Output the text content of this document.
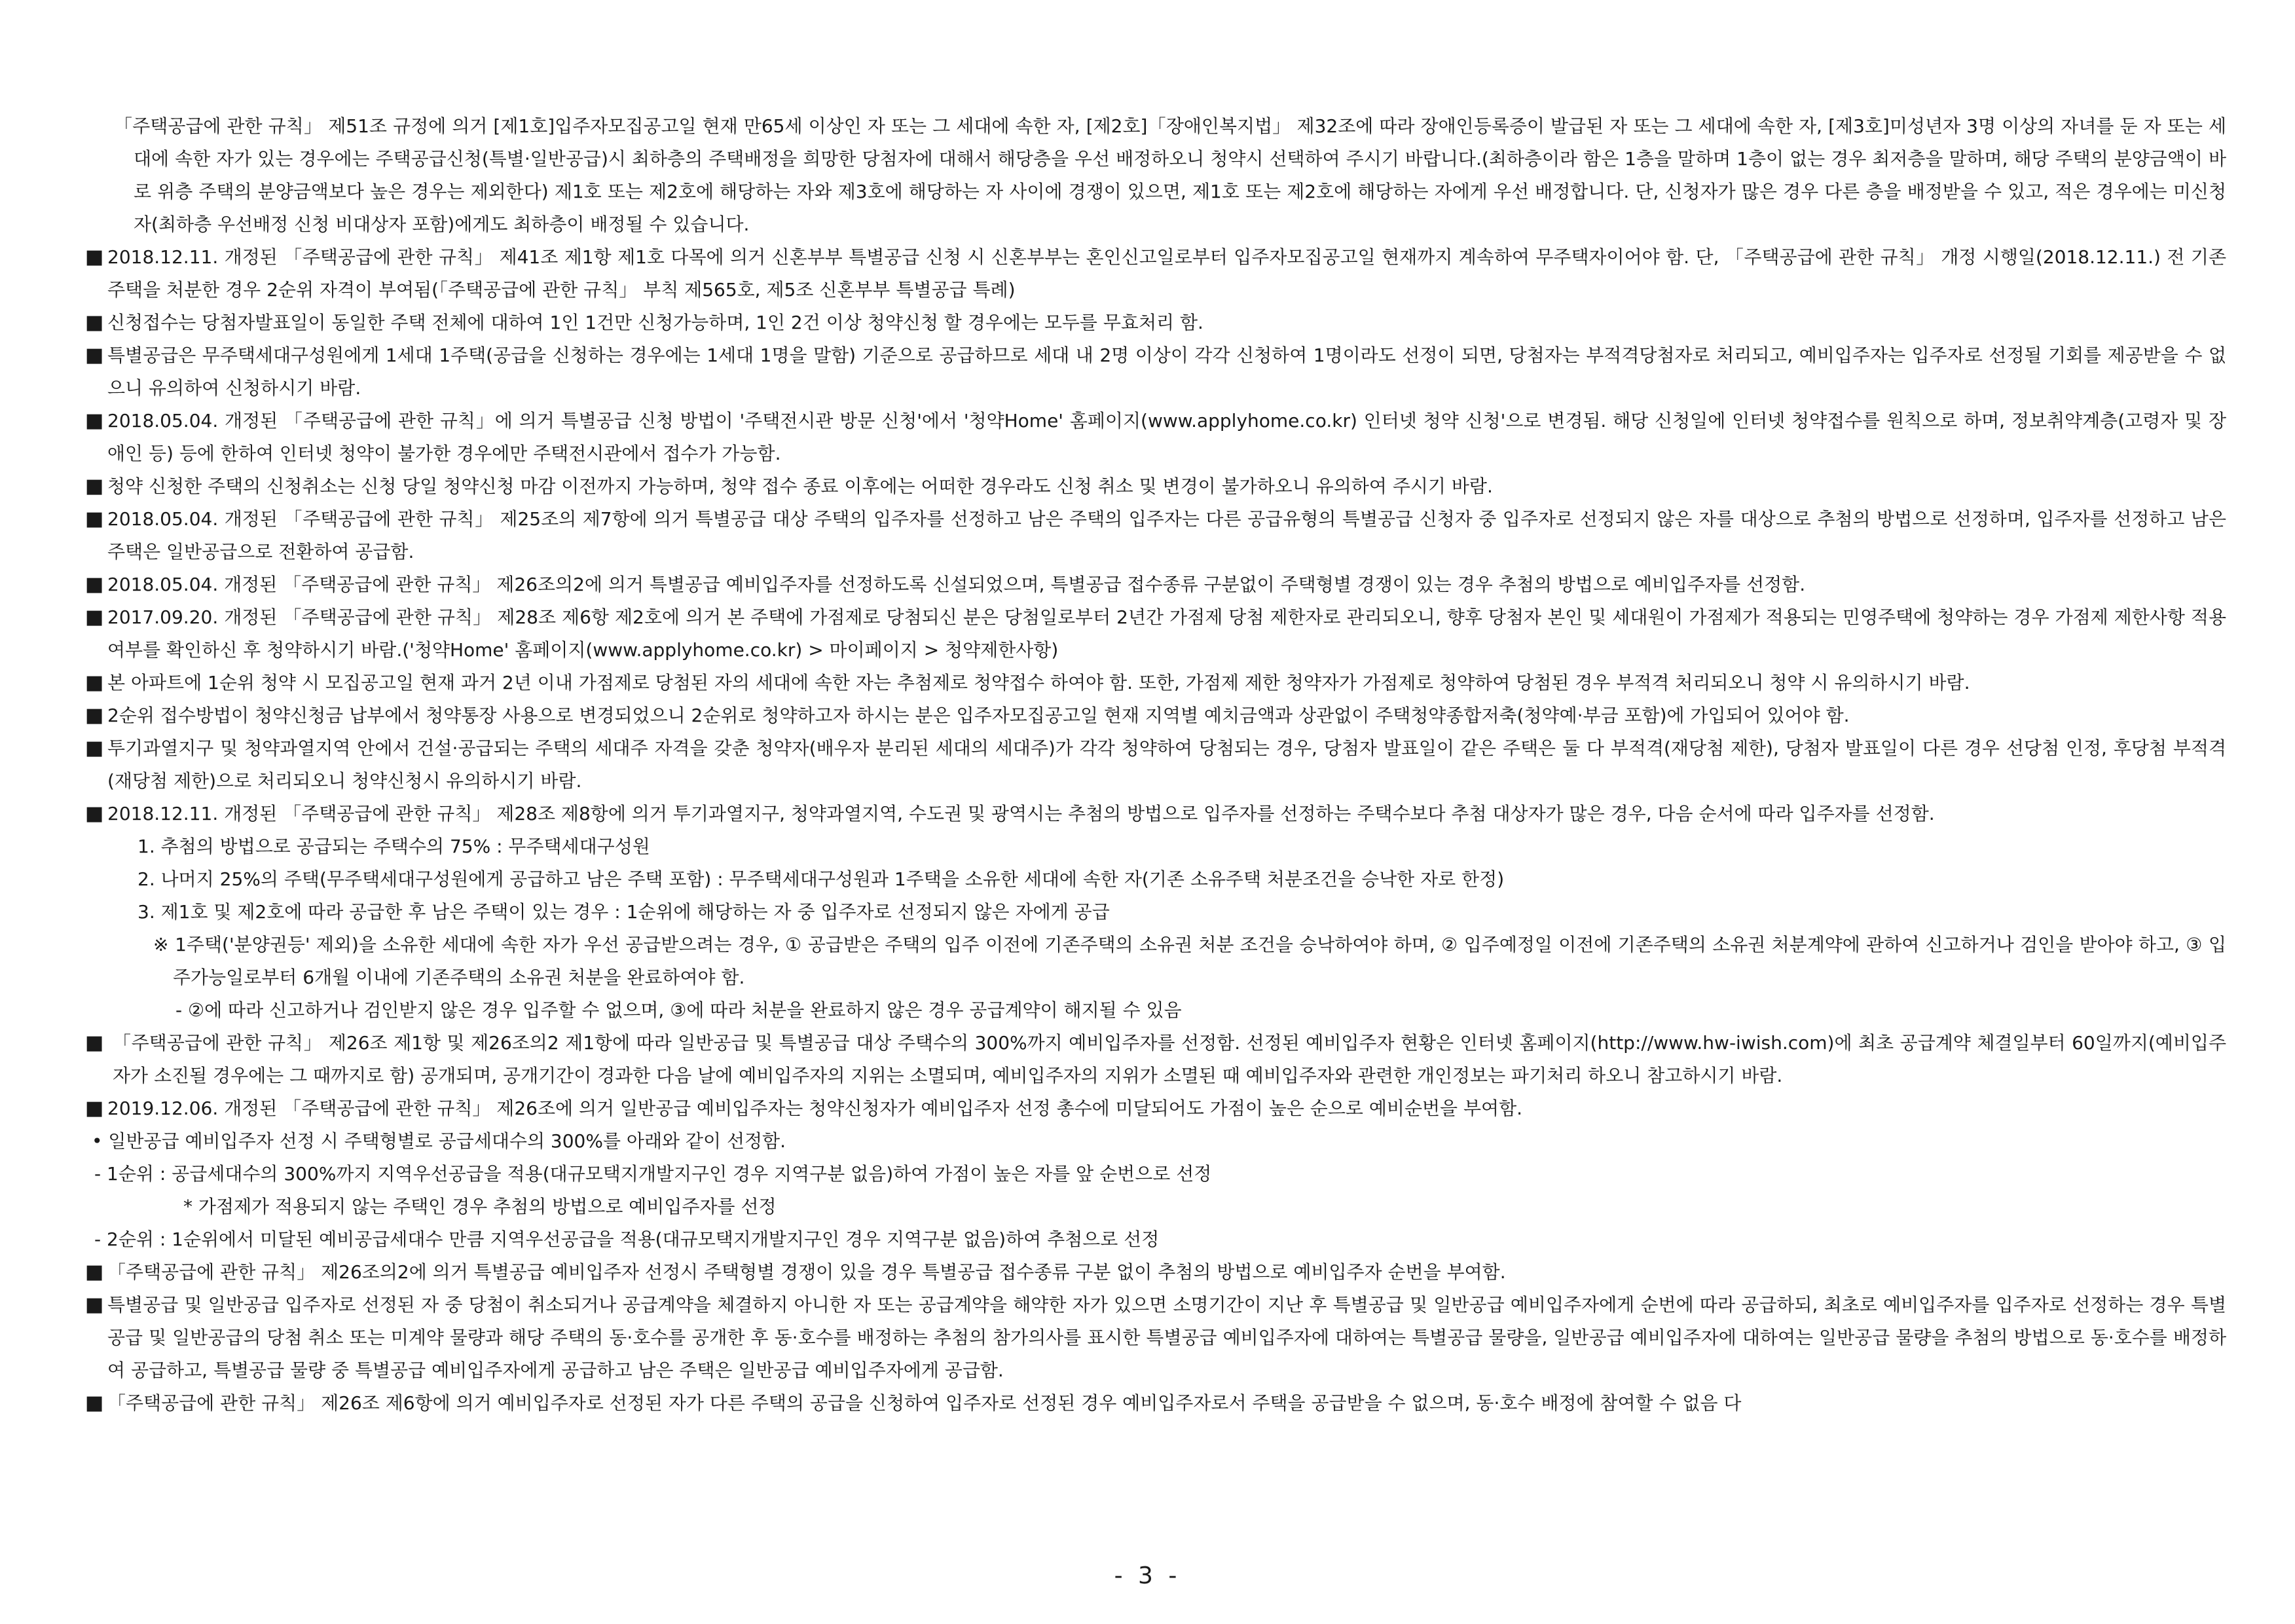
「주택공급에 관한 규칙」 제51조 규정에 의거 [제1호]입주자모집공고일 현재 만65세 이상인 자 또는 그 세대에 속한 자, [제2호]「장애인복지법」 제32조에 따라 장애인등록증이 발급된 자 또는 그 세대에 속한 자, [제3호]미성년자 3명 이상의 자녀를 둔 자 또는 세대에 속한 자가 있는 경우에는 주택공급신청(특별·일반공급)시 최하층의 주택배정을 희망한 당첨자에 대해서 해당층을 우선 배정하오니 청약시 선택하여 주시기 바랍니다.(최하층이라 함은 1층을 말하며 1층이 없는 경우 최저층을 말하며, 해당 주택의 분양금액이 바로 위층 주택의 분양금액보다 높은 경우는 제외한다) 제1호 또는 제2호에 해당하는 자와 제3호에 해당하는 자 사이에 경쟁이 있으면, 제1호 또는 제2호에 해당하는 자에게 우선 배정합니다. 단, 신청자가 많은 경우 다른 층을 배정받을 수 있고, 적은 경우에는 미신청자(최하층 우선배정 신청 비대상자 포함)에게도 최하층이 배정될 수 있습니다.
■ 2018.12.11. 개정된 「주택공급에 관한 규칙」 제41조 제1항 제1호 다목에 의거 신혼부부 특별공급 신청 시 신혼부부는 혼인신고일로부터 입주자모집공고일 현재까지 계속하여 무주택자이어야 함. 단, 「주택공급에 관한 규칙」 개정 시행일(2018.12.11.) 전 기존주택을 처분한 경우 2순위 자격이 부여됨(「주택공급에 관한 규칙」 부칙 제565호, 제5조 신혼부부 특별공급 특례)
■ 신청접수는 당첨자발표일이 동일한 주택 전체에 대하여 1인 1건만 신청가능하며, 1인 2건 이상 청약신청 할 경우에는 모두를 무효처리 함.
■ 특별공급은 무주택세대구성원에게 1세대 1주택(공급을 신청하는 경우에는 1세대 1명을 말함) 기준으로 공급하므로 세대 내 2명 이상이 각각 신청하여 1명이라도 선정이 되면, 당첨자는 부적격당첨자로 처리되고, 예비입주자는 입주자로 선정될 기회를 제공받을 수 없으니 유의하여 신청하시기 바람.
■ 2018.05.04. 개정된 「주택공급에 관한 규칙」에 의거 특별공급 신청 방법이 '주택전시관 방문 신청'에서 '청약Home' 홈페이지(www.applyhome.co.kr) 인터넷 청약 신청'으로 변경됨. 해당 신청일에 인터넷 청약접수를 원칙으로 하며, 정보취약계층(고령자 및 장애인 등) 등에 한하여 인터넷 청약이 불가한 경우에만 주택전시관에서 접수가 가능함.
■ 청약 신청한 주택의 신청취소는 신청 당일 청약신청 마감 이전까지 가능하며, 청약 접수 종료 이후에는 어떠한 경우라도 신청 취소 및 변경이 불가하오니 유의하여 주시기 바람.
■ 2018.05.04. 개정된 「주택공급에 관한 규칙」 제25조의 제7항에 의거 특별공급 대상 주택의 입주자를 선정하고 남은 주택의 입주자는 다른 공급유형의 특별공급 신청자 중 입주자로 선정되지 않은 자를 대상으로 추첨의 방법으로 선정하며, 입주자를 선정하고 남은 주택은 일반공급으로 전환하여 공급함.
■ 2018.05.04. 개정된 「주택공급에 관한 규칙」 제26조의2에 의거 특별공급 예비입주자를 선정하도록 신설되었으며, 특별공급 접수종류 구분없이 주택형별 경쟁이 있는 경우 추첨의 방법으로 예비입주자를 선정함.
■ 2017.09.20. 개정된 「주택공급에 관한 규칙」 제28조 제6항 제2호에 의거 본 주택에 가점제로 당첨되신 분은 당첨일로부터 2년간 가점제 당첨 제한자로 관리되오니, 향후 당첨자 본인 및 세대원이 가점제가 적용되는 민영주택에 청약하는 경우 가점제 제한사항 적용여부를 확인하신 후 청약하시기 바람.('청약Home' 홈페이지(www.applyhome.co.kr) > 마이페이지 > 청약제한사항)
■ 본 아파트에 1순위 청약 시 모집공고일 현재 과거 2년 이내 가점제로 당첨된 자의 세대에 속한 자는 추첨제로 청약접수 하여야 함. 또한, 가점제 제한 청약자가 가점제로 청약하여 당첨된 경우 부적격 처리되오니 청약 시 유의하시기 바람.
■ 2순위 접수방법이 청약신청금 납부에서 청약통장 사용으로 변경되었으니 2순위로 청약하고자 하시는 분은 입주자모집공고일 현재 지역별 예치금액과 상관없이 주택청약종합저축(청약예·부금 포함)에 가입되어 있어야 함.
■ 투기과열지구 및 청약과열지역 안에서 건설·공급되는 주택의 세대주 자격을 갖춘 청약자(배우자 분리된 세대의 세대주)가 각각 청약하여 당첨되는 경우, 당첨자 발표일이 같은 주택은 둘 다 부적격(재당첨 제한), 당첨자 발표일이 다른 경우 선당첨 인정, 후당첨 부적격(재당첨 제한)으로 처리되오니 청약신청시 유의하시기 바람.
■ 2018.12.11. 개정된 「주택공급에 관한 규칙」 제28조 제8항에 의거 투기과열지구, 청약과열지역, 수도권 및 광역시는 추첨의 방법으로 입주자를 선정하는 주택수보다 추첨 대상자가 많은 경우, 다음 순서에 따라 입주자를 선정함.
1. 추첨의 방법으로 공급되는 주택수의 75% : 무주택세대구성원
2. 나머지 25%의 주택(무주택세대구성원에게 공급하고 남은 주택 포함) : 무주택세대구성원과 1주택을 소유한 세대에 속한 자(기존 소유주택 처분조건을 승낙한 자로 한정)
3. 제1호 및 제2호에 따라 공급한 후 남은 주택이 있는 경우 : 1순위에 해당하는 자 중 입주자로 선정되지 않은 자에게 공급
※ 1주택('분양권등' 제외)을 소유한 세대에 속한 자가 우선 공급받으려는 경우, ① 공급받은 주택의 입주 이전에 기존주택의 소유권 처분 조건을 승낙하여야 하며, ② 입주예정일 이전에 기존주택의 소유권 처분계약에 관하여 신고하거나 검인을 받아야 하고, ③ 입주가능일로부터 6개월 이내에 기존주택의 소유권 처분을 완료하여야 함.
- ②에 따라 신고하거나 검인받지 않은 경우 입주할 수 없으며, ③에 따라 처분을 완료하지 않은 경우 공급계약이 해지될 수 있음
■ 「주택공급에 관한 규칙」 제26조 제1항 및 제26조의2 제1항에 따라 일반공급 및 특별공급 대상 주택수의 300%까지 예비입주자를 선정함. 선정된 예비입주자 현황은 인터넷 홈페이지(http://www.hw-iwish.com)에 최초 공급계약 체결일부터 60일까지(예비입주자가 소진될 경우에는 그 때까지로 함) 공개되며, 공개기간이 경과한 다음 날에 예비입주자의 지위는 소멸되며, 예비입주자의 지위가 소멸된 때 예비입주자와 관련한 개인정보는 파기처리 하오니 참고하시기 바람.
■ 2019.12.06. 개정된 「주택공급에 관한 규칙」 제26조에 의거 일반공급 예비입주자는 청약신청자가 예비입주자 선정 총수에 미달되어도 가점이 높은 순으로 예비순번을 부여함.
• 일반공급 예비입주자 선정 시 주택형별로 공급세대수의 300%를 아래와 같이 선정함.
- 1순위 : 공급세대수의 300%까지 지역우선공급을 적용(대규모택지개발지구인 경우 지역구분 없음)하여 가점이 높은 자를 앞 순번으로 선정
* 가점제가 적용되지 않는 주택인 경우 추첨의 방법으로 예비입주자를 선정
- 2순위 : 1순위에서 미달된 예비공급세대수 만큼 지역우선공급을 적용(대규모택지개발지구인 경우 지역구분 없음)하여 추첨으로 선정
■ 「주택공급에 관한 규칙」 제26조의2에 의거 특별공급 예비입주자 선정시 주택형별 경쟁이 있을 경우 특별공급 접수종류 구분 없이 추첨의 방법으로 예비입주자 순번을 부여함.
■ 특별공급 및 일반공급 입주자로 선정된 자 중 당첨이 취소되거나 공급계약을 체결하지 아니한 자 또는 공급계약을 해약한 자가 있으면 소명기간이 지난 후 특별공급 및 일반공급 예비입주자에게 순번에 따라 공급하되, 최초로 예비입주자를 입주자로 선정하는 경우 특별공급 및 일반공급의 당첨 취소 또는 미계약 물량과 해당 주택의 동·호수를 공개한 후 동·호수를 배정하는 추첨의 참가의사를 표시한 특별공급 예비입주자에 대하여는 특별공급 물량을, 일반공급 예비입주자에 대하여는 일반공급 물량을 추첨의 방법으로 동·호수를 배정하여 공급하고, 특별공급 물량 중 특별공급 예비입주자에게 공급하고 남은 주택은 일반공급 예비입주자에게 공급함.
■ 「주택공급에 관한 규칙」 제26조 제6항에 의거 예비입주자로 선정된 자가 다른 주택의 공급을 신청하여 입주자로 선정된 경우 예비입주자로서 주택을 공급받을 수 없으며, 동·호수 배정에 참여할 수 없음 다
- 3 -
